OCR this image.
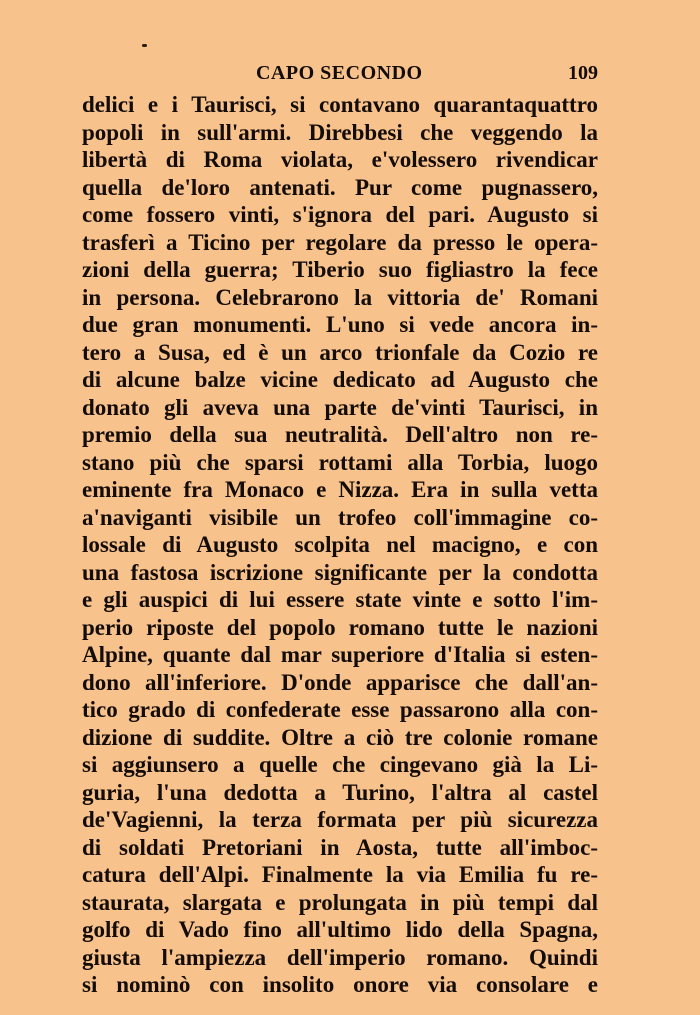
CAPO SECONDO	109
delici e i Taurisci, si contavano quarantaquattro
popoli in sull'armi. Direbbesi che veggendo la
libertà di Roma violata, e'volessero rivendicar
quella de'loro antenati. Pur come pugnassero,
come fossero vinti, s'ignora del pari. Augusto si
trasferì a Ticino per regolare da presso le opera-
zioni della guerra; Tiberio suo figliastro la fece
in persona. Celebrarono la vittoria de' Romani
due gran monumenti. L'uno si vede ancora in-
tero a Susa, ed è un arco trionfale da Cozio re
di alcune balze vicine dedicato ad Augusto che
donato gli aveva una parte de'vinti Taurisci, in
premio della sua neutralità. Dell'altro non re-
stano più che sparsi rottami alla Torbia, luogo
eminente fra Monaco e Nizza. Era in sulla vetta
a'naviganti visibile un trofeo coll'immagine co-
lossale di Augusto scolpita nel macigno, e con
una fastosa iscrizione significante per la condotta
e gli auspici di lui essere state vinte e sotto l'im-
perio riposte del popolo romano tutte le nazioni
Alpine, quante dal mar superiore d'Italia si esten-
dono all'inferiore. D'onde apparisce che dall'an-
tico grado di confederate esse passarono alla con-
dizione di suddite. Oltre a ciò tre colonie romane
si aggiunsero a quelle che cingevano già la Li-
guria, l'una dedotta a Turino, l'altra al castel
de'Vagienni, la terza formata per più sicurezza
di soldati Pretoriani in Aosta, tutte all'imboc-
catura dell'Alpi. Finalmente la via Emilia fu re-
staurata, slargata e prolungata in più tempi dal
golfo di Vado fino all'ultimo lido della Spagna,
giusta l'ampiezza dell'imperio romano. Quindi
si nominò con insolito onore via consolare e
